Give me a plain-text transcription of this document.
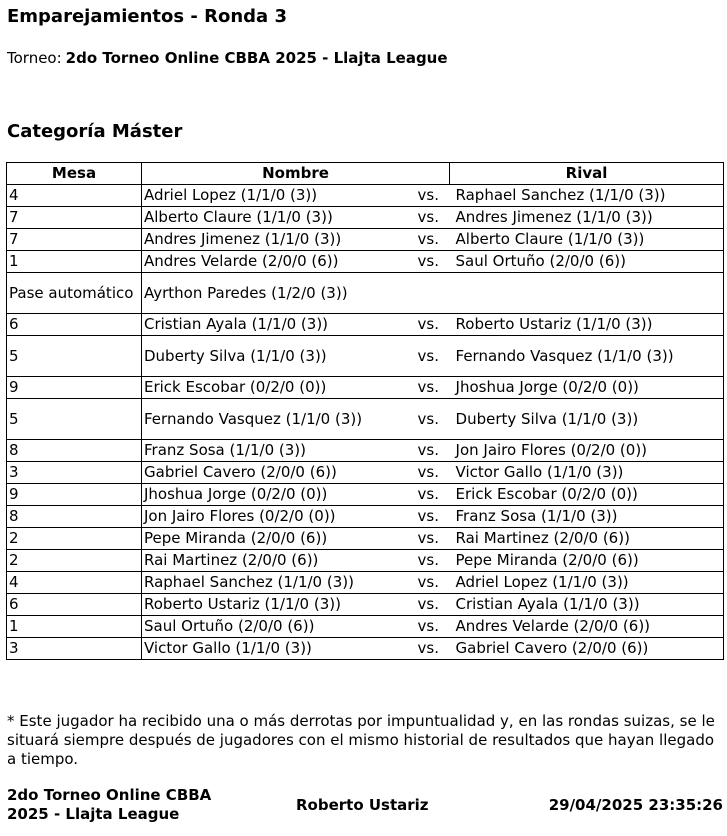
Emparejamientos - Ronda 3
Torneo: 2do Torneo Online CBBA 2025 - Llajta League
Categoría Máster
Mesa	Nombre		Rival
4	Adriel Lopez (1/1/0 (3))	vs.	Raphael Sanchez (1/1/0 (3))
7	Alberto Claure (1/1/0 (3))	vs.	Andres Jimenez (1/1/0 (3))
7	Andres Jimenez (1/1/0 (3))	vs.	Alberto Claure (1/1/0 (3))
1	Andres Velarde (2/0/0 (6))	vs.	Saul Ortuño (2/0/0 (6))
Pase automático	Ayrthon Paredes (1/2/0 (3))		
6	Cristian Ayala (1/1/0 (3))	vs.	Roberto Ustariz (1/1/0 (3))
5	Duberty Silva (1/1/0 (3))	vs.	Fernando Vasquez (1/1/0 (3))
9	Erick Escobar (0/2/0 (0))	vs.	Jhoshua Jorge (0/2/0 (0))
5	Fernando Vasquez (1/1/0 (3))	vs.	Duberty Silva (1/1/0 (3))
8	Franz Sosa (1/1/0 (3))	vs.	Jon Jairo Flores (0/2/0 (0))
3	Gabriel Cavero (2/0/0 (6))	vs.	Victor Gallo (1/1/0 (3))
9	Jhoshua Jorge (0/2/0 (0))	vs.	Erick Escobar (0/2/0 (0))
8	Jon Jairo Flores (0/2/0 (0))	vs.	Franz Sosa (1/1/0 (3))
2	Pepe Miranda (2/0/0 (6))	vs.	Rai Martinez (2/0/0 (6))
2	Rai Martinez (2/0/0 (6))	vs.	Pepe Miranda (2/0/0 (6))
4	Raphael Sanchez (1/1/0 (3))	vs.	Adriel Lopez (1/1/0 (3))
6	Roberto Ustariz (1/1/0 (3))	vs.	Cristian Ayala (1/1/0 (3))
1	Saul Ortuño (2/0/0 (6))	vs.	Andres Velarde (2/0/0 (6))
3	Victor Gallo (1/1/0 (3))	vs.	Gabriel Cavero (2/0/0 (6))
* Este jugador ha recibido una o más derrotas por impuntualidad y, en las rondas suizas, se le situará siempre después de jugadores con el mismo historial de resultados que hayan llegado a tiempo.
2do Torneo Online CBBA 2025 - Llajta League	Roberto Ustariz	29/04/2025 23:35:26
